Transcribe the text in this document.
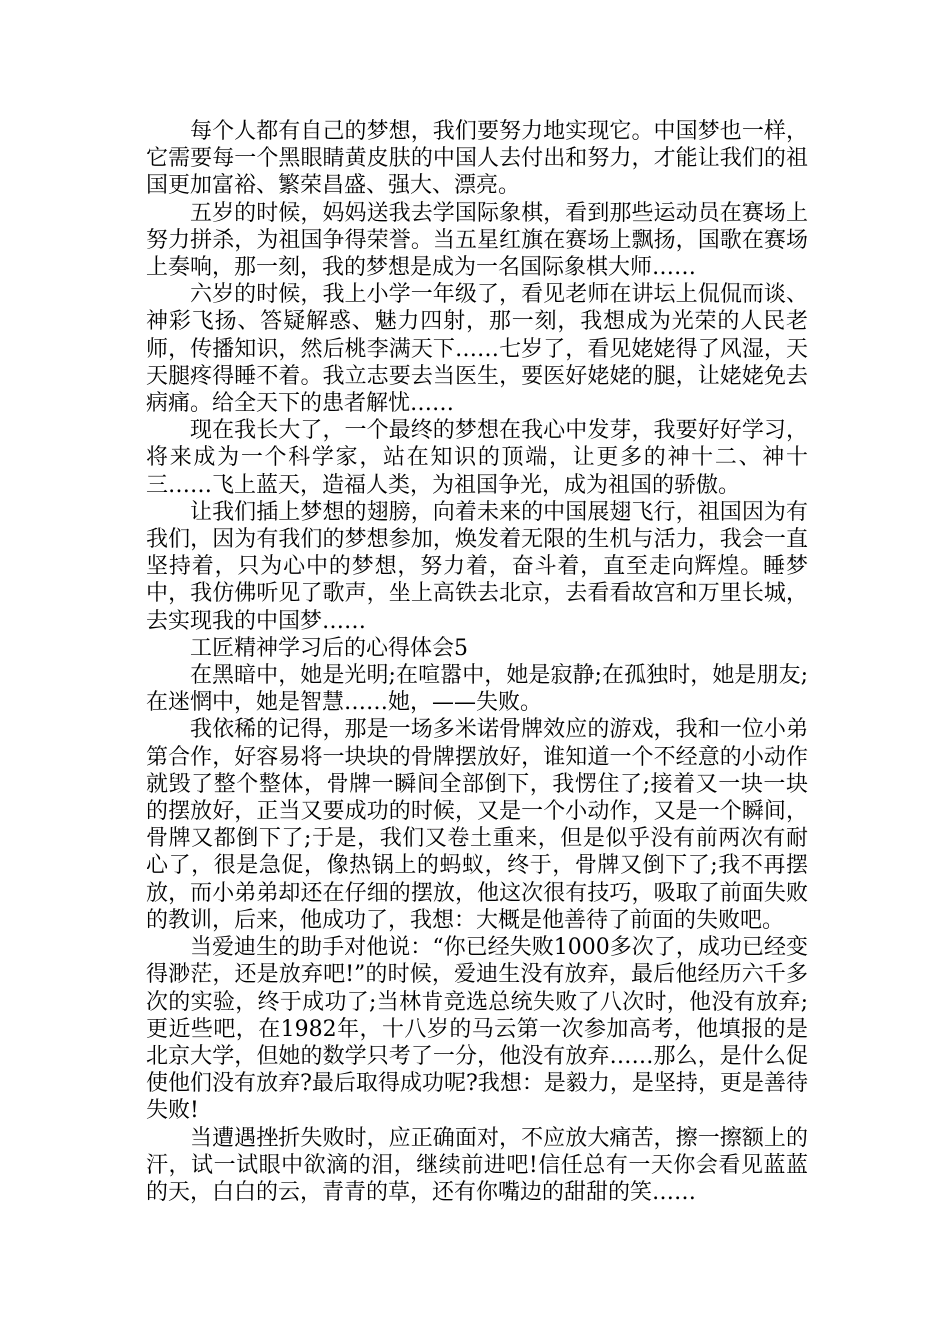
每个人都有自己的梦想，我们要努力地实现它。中国梦也一样，它需要每一个黑眼睛黄皮肤的中国人去付出和努力，才能让我们的祖国更加富裕、繁荣昌盛、强大、漂亮。

五岁的时候，妈妈送我去学国际象棋，看到那些运动员在赛场上努力拼杀，为祖国争得荣誉。当五星红旗在赛场上飘扬，国歌在赛场上奏响，那一刻，我的梦想是成为一名国际象棋大师……

六岁的时候，我上小学一年级了，看见老师在讲坛上侃侃而谈、神彩飞扬、答疑解惑、魅力四射，那一刻，我想成为光荣的人民老师，传播知识，然后桃李满天下……七岁了，看见姥姥得了风湿，天天腿疼得睡不着。我立志要去当医生，要医好姥姥的腿，让姥姥免去病痛。给全天下的患者解忧……

现在我长大了，一个最终的梦想在我心中发芽，我要好好学习，将来成为一个科学家，站在知识的顶端，让更多的神十二、神十三……飞上蓝天，造福人类，为祖国争光，成为祖国的骄傲。

让我们插上梦想的翅膀，向着未来的中国展翅飞行，祖国因为有我们，因为有我们的梦想参加，焕发着无限的生机与活力，我会一直坚持着，只为心中的梦想，努力着，奋斗着，直至走向辉煌。睡梦中，我仿佛听见了歌声，坐上高铁去北京，去看看故宫和万里长城，去实现我的中国梦……

工匠精神学习后的心得体会5

在黑暗中，她是光明;在喧嚣中，她是寂静;在孤独时，她是朋友;在迷惘中，她是智慧……她，——失败。

我依稀的记得，那是一场多米诺骨牌效应的游戏，我和一位小弟第合作，好容易将一块块的骨牌摆放好，谁知道一个不经意的小动作就毁了整个整体，骨牌一瞬间全部倒下，我愣住了;接着又一块一块的摆放好，正当又要成功的时候，又是一个小动作，又是一个瞬间，骨牌又都倒下了;于是，我们又卷土重来，但是似乎没有前两次有耐心了，很是急促，像热锅上的蚂蚁，终于，骨牌又倒下了;我不再摆放，而小弟弟却还在仔细的摆放，他这次很有技巧，吸取了前面失败的教训，后来，他成功了，我想：大概是他善待了前面的失败吧。

当爱迪生的助手对他说：“你已经失败1000多次了，成功已经变得渺茫，还是放弃吧!”的时候，爱迪生没有放弃，最后他经历六千多次的实验，终于成功了;当林肯竞选总统失败了八次时，他没有放弃;更近些吧，在1982年，十八岁的马云第一次参加高考，他填报的是北京大学，但她的数学只考了一分，他没有放弃……那么，是什么促使他们没有放弃?最后取得成功呢?我想：是毅力，是坚持，更是善待失败!

当遭遇挫折失败时，应正确面对，不应放大痛苦，擦一擦额上的汗，试一试眼中欲滴的泪，继续前进吧!信任总有一天你会看见蓝蓝的天，白白的云，青青的草，还有你嘴边的甜甜的笑……
